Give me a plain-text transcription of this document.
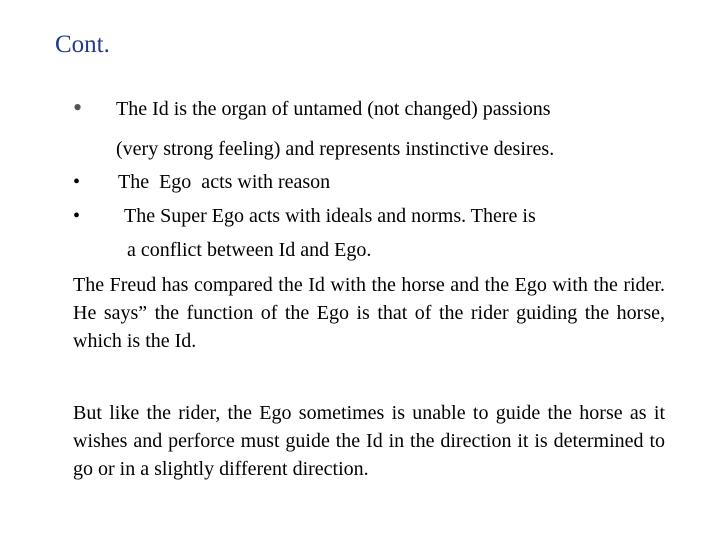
Cont.
• The Id is the organ of untamed (not changed) passions
(very strong feeling) and represents instinctive desires.
• The  Ego  acts with reason
• The Super Ego acts with ideals and norms. There is
a conflict between Id and Ego.

The Freud has compared the Id with the horse and the Ego with the rider. He says” the function of the Ego is that of the rider guiding the horse, which is the Id.

But like the rider, the Ego sometimes is unable to guide the horse as it wishes and perforce must guide the Id in the direction it is determined to go or in a slightly different direction.
